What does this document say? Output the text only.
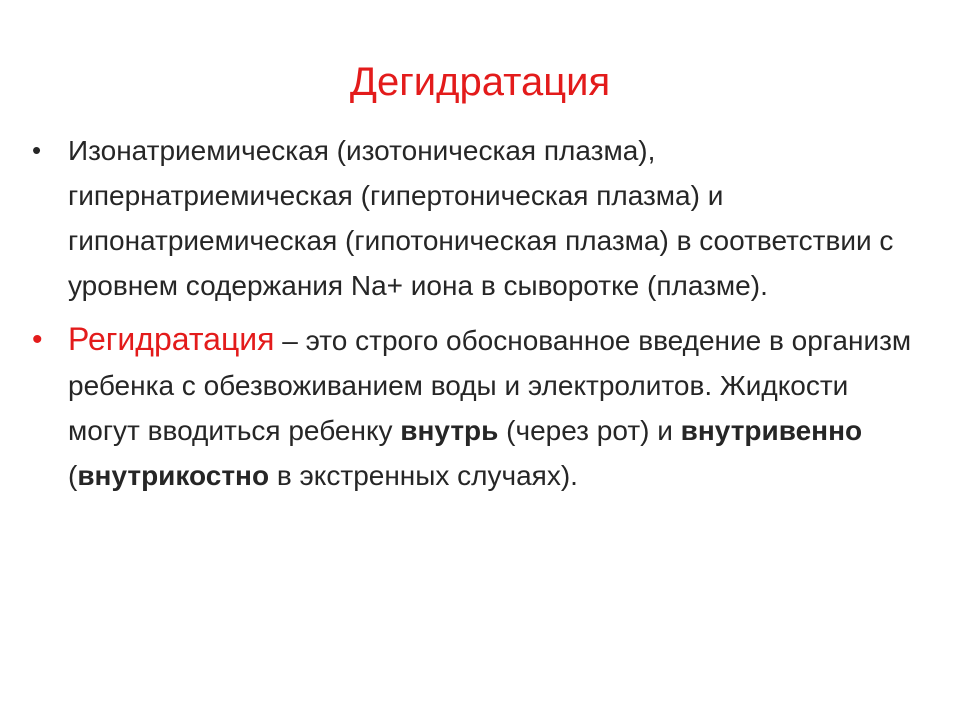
Дегидратация
• Изонатриемическая (изотоническая плазма), гипернатриемическая (гипертоническая плазма) и гипонатриемическая (гипотоническая плазма) в соответствии с уровнем содержания Na+ иона в сыворотке (плазме).
• Регидратация – это строго обоснованное введение в организм ребенка с обезвоживанием воды и электролитов. Жидкости могут вводиться ребенку внутрь (через рот) и внутривенно (внутрикостно в экстренных случаях).
